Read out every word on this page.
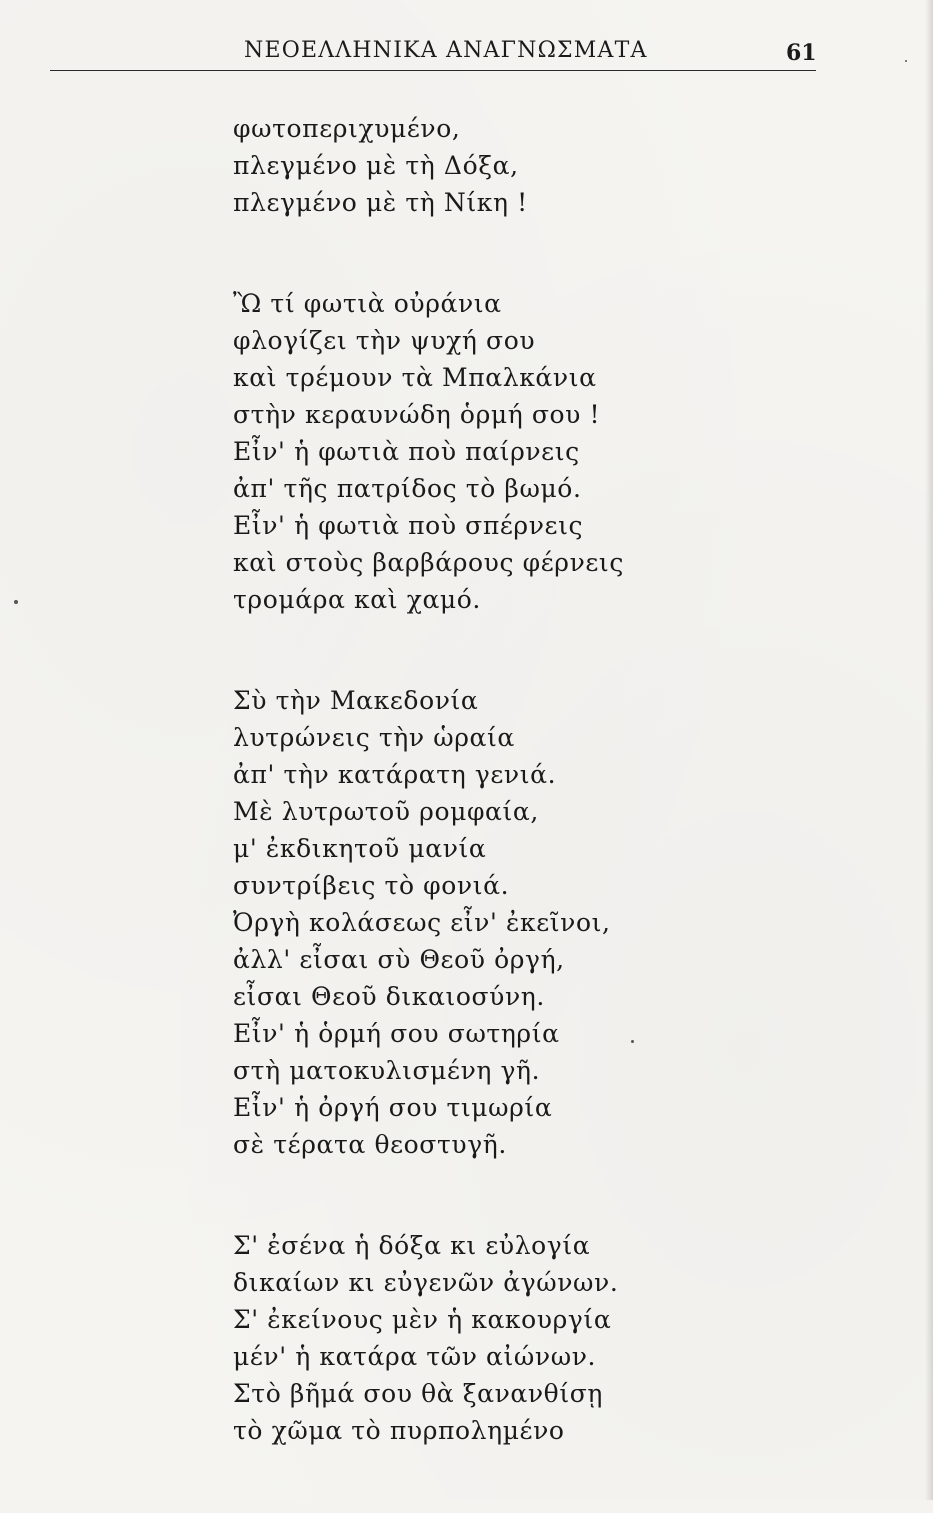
ΝΕΟΕΛΛΗΝΙΚΑ ΑΝΑΓΝΩΣΜΑΤΑ	61
φωτοπεριχυμένο,
πλεγμένο μὲ τὴ Δόξα,
πλεγμένο μὲ τὴ Νίκη !
Ὢ τί φωτιὰ οὐράνια
φλογίζει τὴν ψυχή σου
καὶ τρέμουν τὰ Μπαλκάνια
στὴν κεραυνώδη ὁρμή σου !
Εἶν' ἡ φωτιὰ ποὺ παίρνεις
ἀπ' τῆς πατρίδος τὸ βωμό.
Εἶν' ἡ φωτιὰ ποὺ σπέρνεις
καὶ στοὺς βαρβάρους φέρνεις
τρομάρα καὶ χαμό.
Σὺ τὴν Μακεδονία
λυτρώνεις τὴν ὡραία
ἀπ' τὴν κατάρατη γενιά.
Μὲ λυτρωτοῦ ρομφαία,
μ' ἐκδικητοῦ μανία
συντρίβεις τὸ φονιά.
Ὀργὴ κολάσεως εἶν' ἐκεῖνοι,
ἀλλ' εἶσαι σὺ Θεοῦ ὀργή,
εἶσαι Θεοῦ δικαιοσύνη.
Εἶν' ἡ ὁρμή σου σωτηρία
στὴ ματοκυλισμένη γῆ.
Εἶν' ἡ ὀργή σου τιμωρία
σὲ τέρατα θεοστυγῆ.
Σ' ἐσένα ἡ δόξα κι εὐλογία
δικαίων κι εὐγενῶν ἀγώνων.
Σ' ἐκείνους μὲν ἡ κακουργία
μέν' ἡ κατάρα τῶν αἰώνων.
Στὸ βῆμά σου θὰ ξανανθίσῃ
τὸ χῶμα τὸ πυρποληµένο
